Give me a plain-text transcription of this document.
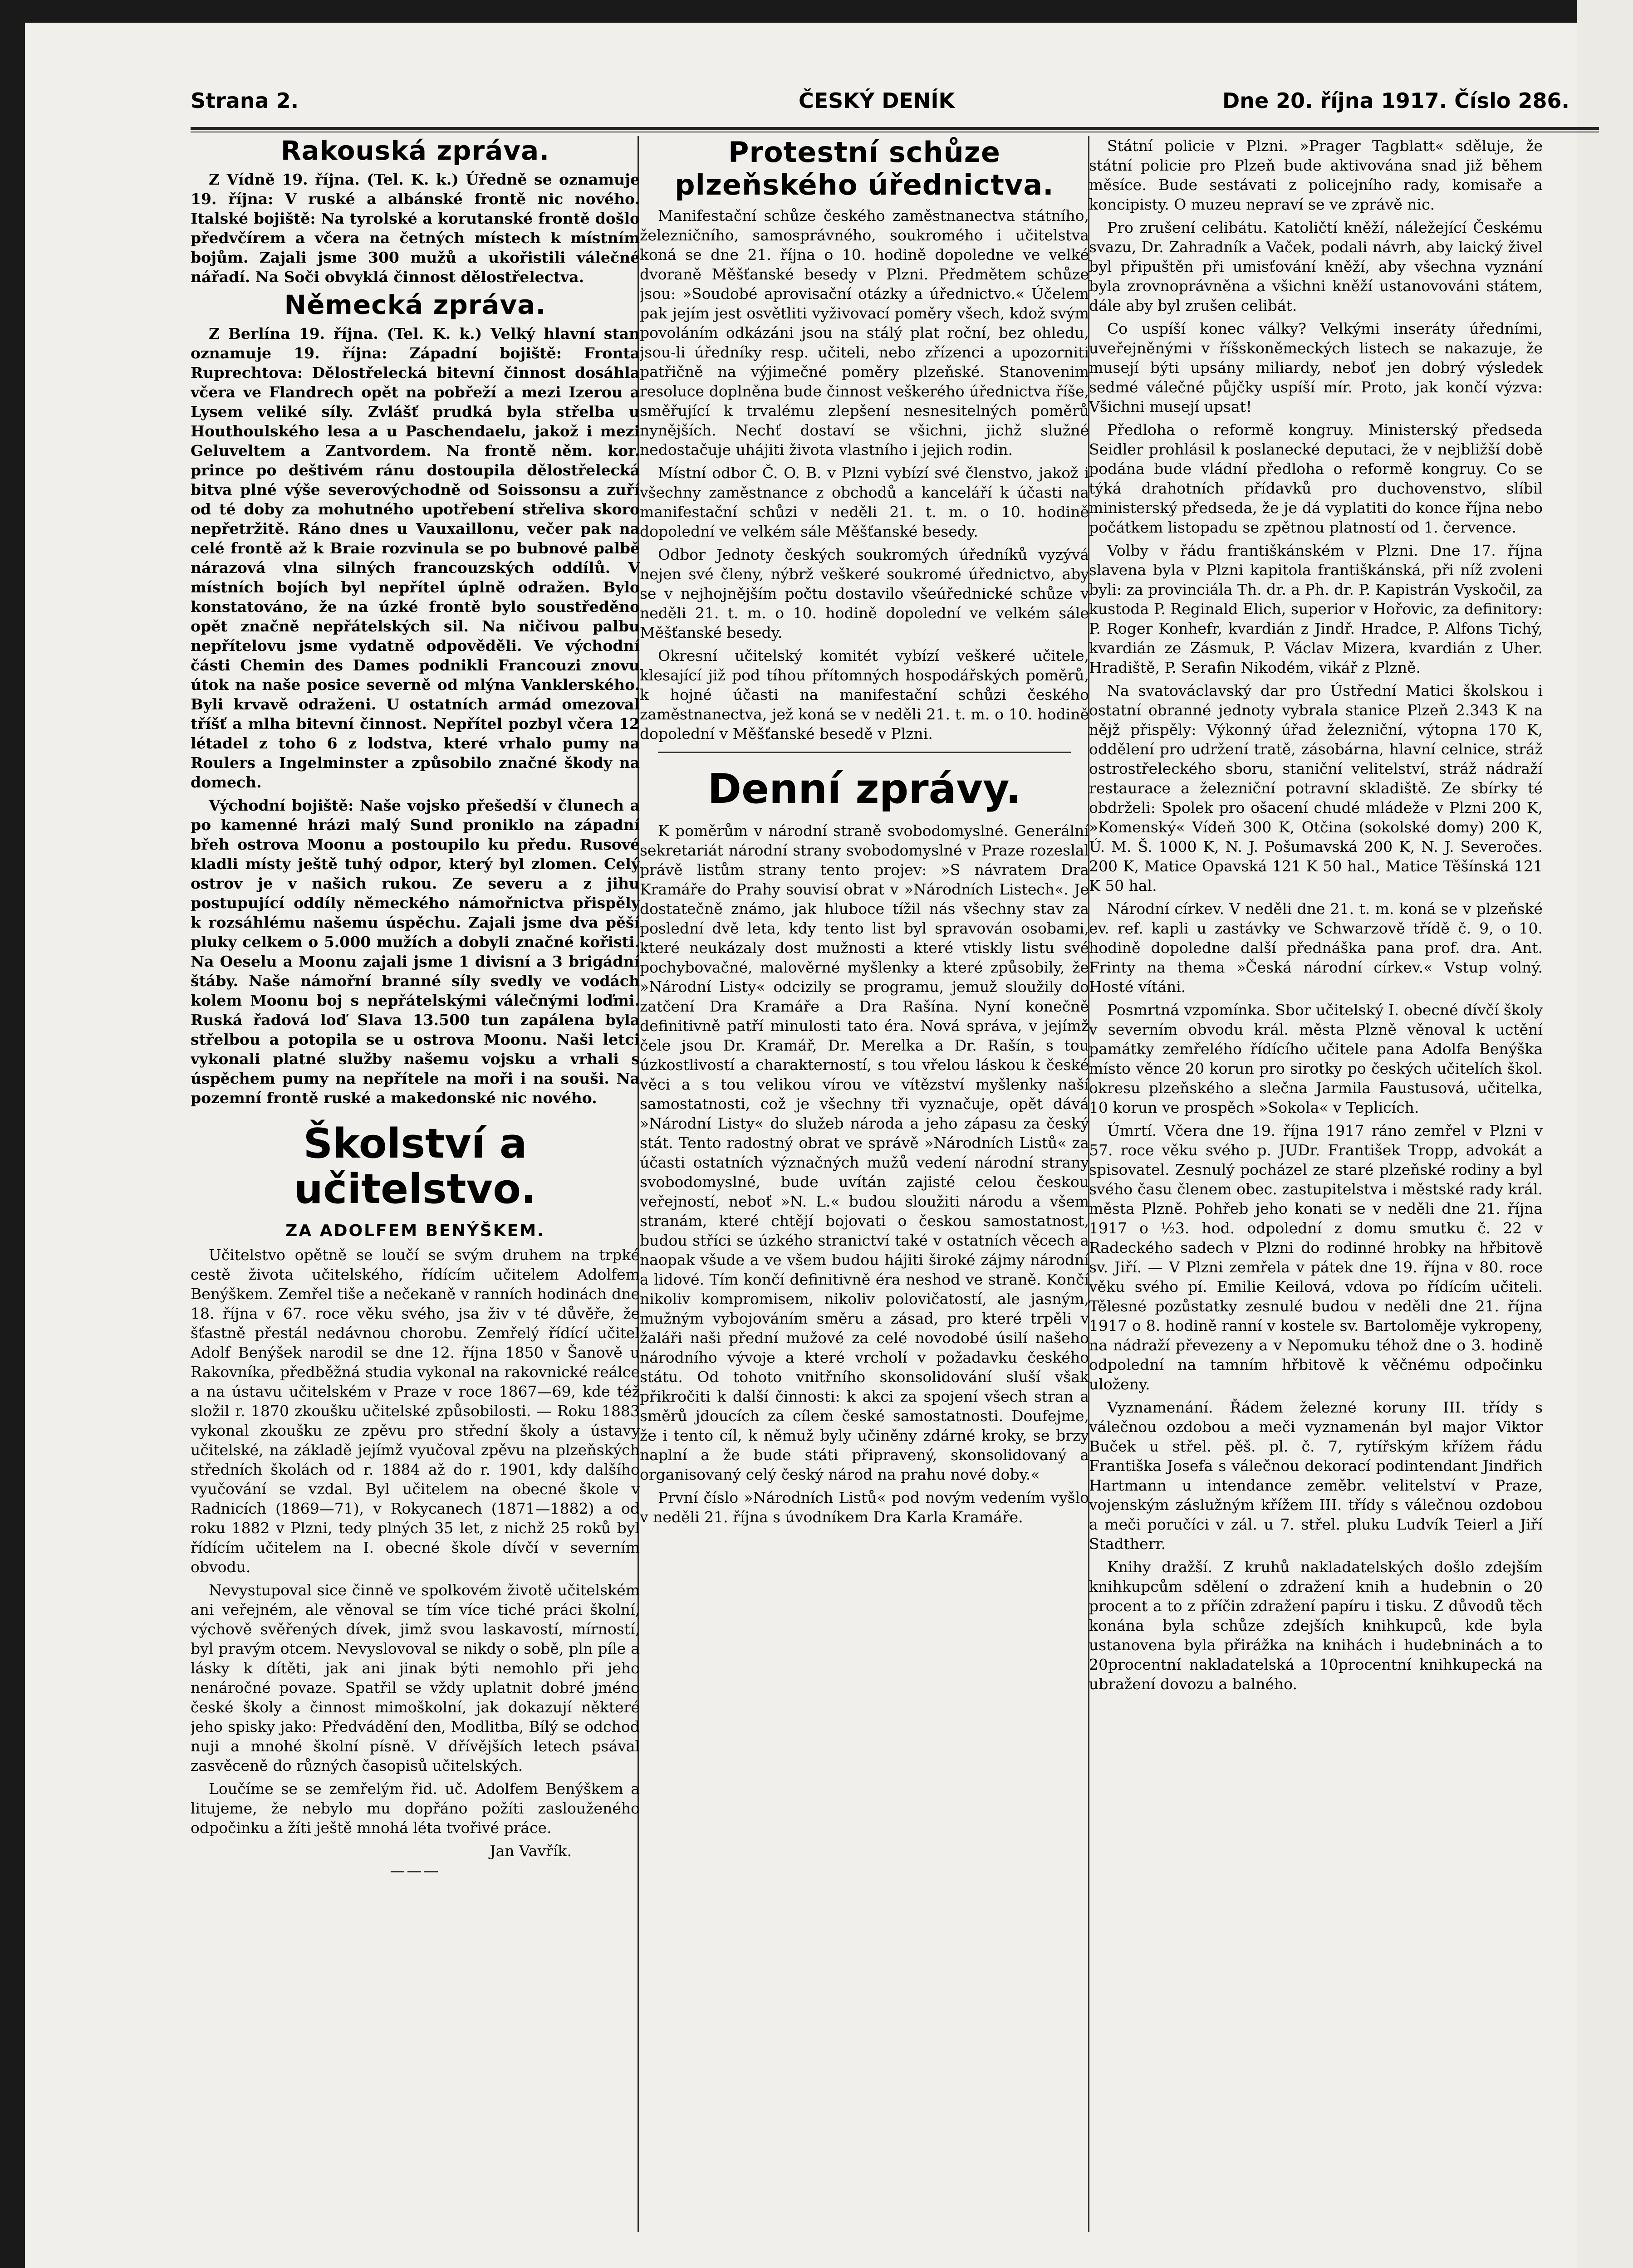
Strana 2.	ČESKÝ DENÍK	Dne 20. října 1917. Číslo 286.
Rakouská zpráva.

Z Vídně 19. října. (Tel. K. k.) Úředně se oznamuje 19. října: V ruské a albánské frontě nic nového. Italské bojiště: Na tyrolské a korutanské frontě došlo předvčírem a včera na četných místech k místním bojům. Zajali jsme 300 mužů a ukořistili válečné nářadí. Na Soči obvyklá činnost dělostřelectva.

Německá zpráva.

Z Berlína 19. října. (Tel. K. k.) Velký hlavní stan oznamuje 19. října: Západní bojiště: Fronta Ruprechtova: Dělostřelecká bitevní činnost dosáhla včera ve Flandrech opět na pobřeží a mezi Izerou a Lysem veliké síly. Zvlášť prudká byla střelba u Houthoulského lesa a u Paschendaelu, jakož i mezi Geluveltem a Zantvordem. Na frontě něm. kor. prince po deštivém ránu dostoupila dělostřelecká bitva plné výše severovýchodně od Soissonsu a zuří od té doby za mohutného upotřebení střeliva skoro nepřetržitě. Ráno dnes u Vauxaillonu, večer pak na celé frontě až k Braie rozvinula se po bubnové palbě nárazová vlna silných francouzských oddílů. V místních bojích byl nepřítel úplně odražen. Bylo konstatováno, že na úzké frontě bylo soustředěno opět značně nepřátelských sil. Na ničivou palbu nepřítelovu jsme vydatně odpověděli. Ve východní části Chemin des Dames podnikli Francouzi znovu útok na naše posice severně od mlýna Vanklerského. Byli krvavě odraženi. U ostatních armád omezoval tříšť a mlha bitevní činnost. Nepřítel pozbyl včera 12 létadel z toho 6 z lodstva, které vrhalo pumy na Roulers a Ingelminster a způsobilo značné škody na domech.

Východní bojiště: Naše vojsko přešedší v člunech a po kamenné hrázi malý Sund proniklo na západní břeh ostrova Moonu a postoupilo ku předu. Rusové kladli místy ještě tuhý odpor, který byl zlomen. Celý ostrov je v našich rukou. Ze severu a z jihu postupující oddíly německého námořnictva přispěly k rozsáhlému našemu úspěchu. Zajali jsme dva pěší pluky celkem o 5.000 mužích a dobyli značné kořisti. Na Oeselu a Moonu zajali jsme 1 divisní a 3 brigádní štáby. Naše námořní branné síly svedly ve vodách kolem Moonu boj s nepřátelskými válečnými loďmi. Ruská řadová loď Slava 13.500 tun zapálena byla střelbou a potopila se u ostrova Moonu. Naši letci vykonali platné služby našemu vojsku a vrhali s úspěchem pumy na nepřítele na moři i na souši. Na pozemní frontě ruské a makedonské nic nového.

Školství a učitelstvo.
ZA ADOLFEM BENÝŠKEM.

Učitelstvo opětně se loučí se svým druhem na trpké cestě života učitelského, řídícím učitelem Adolfem Benýškem. Zemřel tiše a nečekaně v ranních hodinách dne 18. října v 67. roce věku svého, jsa živ v té důvěře, že šťastně přestál nedávnou chorobu. Zemřelý řídící učitel Adolf Benýšek narodil se dne 12. října 1850 v Šanově u Rakovníka, předběžná studia vykonal na rakovnické reálce a na ústavu učitelském v Praze v roce 1867—69, kde též složil r. 1870 zkoušku učitelské způsobilosti. — Roku 1883 vykonal zkoušku ze zpěvu pro střední školy a ústavy učitelské, na základě jejímž vyučoval zpěvu na plzeňských středních školách od r. 1884 až do r. 1901, kdy dalšího vyučování se vzdal. Byl učitelem na obecné škole v Radnicích (1869—71), v Rokycanech (1871—1882) a od roku 1882 v Plzni, tedy plných 35 let, z nichž 25 roků byl řídícím učitelem na I. obecné škole dívčí v severním obvodu.

Nevystupoval sice činně ve spolkovém životě učitelském ani veřejném, ale věnoval se tím více tiché práci školní, výchově svěřených dívek, jimž svou laskavostí, mírností, byl pravým otcem. Nevyslovoval se nikdy o sobě, pln píle a lásky k dítěti, jak ani jinak býti nemohlo při jeho nenáročné povaze. Spatřil se vždy uplatnit dobré jméno české školy a činnost mimoškolní, jak dokazují některé jeho spisky jako: Předvádění den, Modlitba, Bílý se odchod nuji a mnohé školní písně. V dřívějších letech psával zasvěceně do různých časopisů učitelských.

Loučíme se se zemřelým řid. uč. Adolfem Benýškem a litujeme, že nebylo mu dopřáno požíti zaslouženého odpočinku a žíti ještě mnohá léta tvořivé práce.

Jan Vavřík.
———
Protestní schůze plzeňského úřednictva.

Manifestační schůze českého zaměstnanectva státního, železničního, samosprávného, soukromého i učitelstva koná se dne 21. října o 10. hodině dopoledne ve velké dvoraně Měšťanské besedy v Plzni. Předmětem schůze jsou: »Soudobé aprovisační otázky a úřednictvo.« Účelem pak jejím jest osvětliti vyživovací poměry všech, kdož svým povoláním odkázáni jsou na stálý plat roční, bez ohledu, jsou-li úředníky resp. učiteli, nebo zřízenci a upozorniti patřičně na výjimečné poměry plzeňské. Stanovenim resoluce doplněna bude činnost veškerého úřednictva říše, směřující k trvalému zlepšení nesnesitelných poměrů nynějších. Nechť dostaví se všichni, jichž služné nedostačuje uhájiti života vlastního i jejich rodin.

Místní odbor Č. O. B. v Plzni vybízí své členstvo, jakož i všechny zaměstnance z obchodů a kanceláří k účasti na manifestační schůzi v neděli 21. t. m. o 10. hodině dopolední ve velkém sále Měšťanské besedy.

Odbor Jednoty českých soukromých úředníků vyzývá nejen své členy, nýbrž veškeré soukromé úřednictvo, aby se v nejhojnějším počtu dostavilo všeúřednické schůze v neděli 21. t. m. o 10. hodině dopolední ve velkém sále Měšťanské besedy.

Okresní učitelský komitét vybízí veškeré učitele, klesající již pod tíhou přítomných hospodářských poměrů, k hojné účasti na manifestační schůzi českého zaměstnanectva, jež koná se v neděli 21. t. m. o 10. hodině dopolední v Měšťanské besedě v Plzni.

Denní zprávy.

K poměrům v národní straně svobodomyslné. Generální sekretariát národní strany svobodomyslné v Praze rozeslal právě listům strany tento projev: »S návratem Dra Kramáře do Prahy souvisí obrat v »Národních Listech«. Je dostatečně známo, jak hluboce tížil nás všechny stav za poslední dvě leta, kdy tento list byl spravován osobami, které neukázaly dost mužnosti a které vtiskly listu své pochybovačné, malověrné myšlenky a které způsobily, že »Národní Listy« odcizily se programu, jemuž sloužily do zatčení Dra Kramáře a Dra Rašína. Nyní konečně definitivně patří minulosti tato éra. Nová správa, v jejímž čele jsou Dr. Kramář, Dr. Merelka a Dr. Rašín, s tou úzkostlivostí a charakterností, s tou vřelou láskou k české věci a s tou velikou vírou ve vítězství myšlenky naší samostatnosti, což je všechny tři vyznačuje, opět dává »Národní Listy« do služeb národa a jeho zápasu za český stát. Tento radostný obrat ve správě »Národních Listů« za účasti ostatních význačných mužů vedení národní strany svobodomyslné, bude uvítán zajisté celou českou veřejností, neboť »N. L.« budou sloužiti národu a všem stranám, které chtějí bojovati o českou samostatnost, budou stříci se úzkého stranictví také v ostatních věcech a naopak všude a ve všem budou hájiti široké zájmy národní a lidové. Tím končí definitivně éra neshod ve straně. Končí nikoliv kompromisem, nikoliv polovičatostí, ale jasným, mužným vybojováním směru a zásad, pro které trpěli v žaláři naši přední mužové za celé novodobé úsilí našeho národního vývoje a které vrcholí v požadavku českého státu. Od tohoto vnitřního skonsolidování sluší však přikročiti k další činnosti: k akci za spojení všech stran a směrů jdoucích za cílem české samostatnosti. Doufejme, že i tento cíl, k němuž byly učiněny zdárné kroky, se brzy naplní a že bude státi připravený, skonsolidovaný a organisovaný celý český národ na prahu nové doby.«

První číslo »Národních Listů« pod novým vedením vyšlo v neděli 21. října s úvodníkem Dra Karla Kramáře.

Státní policie v Plzni. »Prager Tagblatt« sděluje, že státní policie pro Plzeň bude aktivována snad již během měsíce. Bude sestávati z policejního rady, komisaře a koncipisty. O muzeu nepraví se ve zprávě nic.

Pro zrušení celibátu. Katoličtí kněží, náležející Českému svazu, Dr. Zahradník a Vaček, podali návrh, aby laický živel byl připuštěn při umisťování kněží, aby všechna vyznání byla zrovnoprávněna a všichni kněží ustanovováni státem, dále aby byl zrušen celibát.

Co uspíší konec války? Velkými inseráty úředními, uveřejněnými v říšskoněmeckých listech se nakazuje, že musejí býti upsány miliardy, neboť jen dobrý výsledek sedmé válečné půjčky uspíší mír. Proto, jak končí výzva: Všichni musejí upsat!

Předloha o reformě kongruy. Ministerský předseda Seidler prohlásil k poslanecké deputaci, že v nejbližší době podána bude vládní předloha o reformě kongruy. Co se týká drahotních přídavků pro duchovenstvo, slíbil ministerský předseda, že je dá vyplatiti do konce října nebo počátkem listopadu se zpětnou platností od 1. července.

Volby v řádu františkánském v Plzni. Dne 17. října slavena byla v Plzni kapitola františkánská, při níž zvoleni byli: za provinciála Th. dr. a Ph. dr. P. Kapistrán Vyskočil, za kustoda P. Reginald Elich, superior v Hořovic, za definitory: P. Roger Konhefr, kvardián z Jindř. Hradce, P. Alfons Tichý, kvardián ze Zásmuk, P. Václav Mizera, kvardián z Uher. Hradiště, P. Serafin Nikodém, vikář z Plzně.

Na svatováclavský dar pro Ústřední Matici školskou i ostatní obranné jednoty vybrala stanice Plzeň 2.343 K na nějž přispěly: Výkonný úřad železniční, výtopna 170 K, oddělení pro udržení tratě, zásobárna, hlavní celnice, stráž ostrostřeleckého sboru, staniční velitelství, stráž nádraží restaurace a železniční potravní skladiště. Ze sbírky té obdrželi: Spolek pro ošacení chudé mládeže v Plzni 200 K, »Komenský« Vídeň 300 K, Otčina (sokolské domy) 200 K, Ú. M. Š. 1000 K, N. J. Pošumavská 200 K, N. J. Severočes. 200 K, Matice Opavská 121 K 50 hal., Matice Těšínská 121 K 50 hal.

Národní církev. V neděli dne 21. t. m. koná se v plzeňské ev. ref. kapli u zastávky ve Schwarzově třídě č. 9, o 10. hodině dopoledne další přednáška pana prof. dra. Ant. Frinty na thema »Česká národní církev.« Vstup volný. Hosté vítáni.

Posmrtná vzpomínka. Sbor učitelský I. obecné dívčí školy v severním obvodu král. města Plzně věnoval k uctění památky zemřelého řídícího učitele pana Adolfa Benýška místo věnce 20 korun pro sirotky po českých učitelích škol. okresu plzeňského a slečna Jarmila Faustusová, učitelka, 10 korun ve prospěch »Sokola« v Teplicích.

Úmrtí. Včera dne 19. října 1917 ráno zemřel v Plzni v 57. roce věku svého p. JUDr. František Tropp, advokát a spisovatel. Zesnulý pocházel ze staré plzeňské rodiny a byl svého času členem obec. zastupitelstva i městské rady král. města Plzně. Pohřeb jeho konati se v neděli dne 21. října 1917 o ½3. hod. odpolední z domu smutku č. 22 v Radeckého sadech v Plzni do rodinné hrobky na hřbitově sv. Jiří. — V Plzni zemřela v pátek dne 19. října v 80. roce věku svého pí. Emilie Keilová, vdova po řídícím učiteli. Tělesné pozůstatky zesnulé budou v neděli dne 21. října 1917 o 8. hodině ranní v kostele sv. Bartoloměje vykropeny, na nádraží převezeny a v Nepomuku téhož dne o 3. hodině odpolední na tamním hřbitově k věčnému odpočinku uloženy.

Vyznamenání. Řádem železné koruny III. třídy s válečnou ozdobou a meči vyznamenán byl major Viktor Buček u střel. pěš. pl. č. 7, rytířským křížem řádu Františka Josefa s válečnou dekorací podintendant Jindřich Hartmann u intendance zeměbr. velitelství v Praze, vojenským záslužným křížem III. třídy s válečnou ozdobou a meči poručíci v zál. u 7. střel. pluku Ludvík Teierl a Jiří Stadtherr.

Knihy dražší. Z kruhů nakladatelských došlo zdejším knihkupcům sdělení o zdražení knih a hudebnin o 20 procent a to z příčin zdražení papíru i tisku. Z důvodů těch konána byla schůze zdejších knihkupců, kde byla ustanovena byla přirážka na knihách i hudebninách a to 20procentní nakladatelská a 10procentní knihkupecká na ubražení dovozu a balného.
